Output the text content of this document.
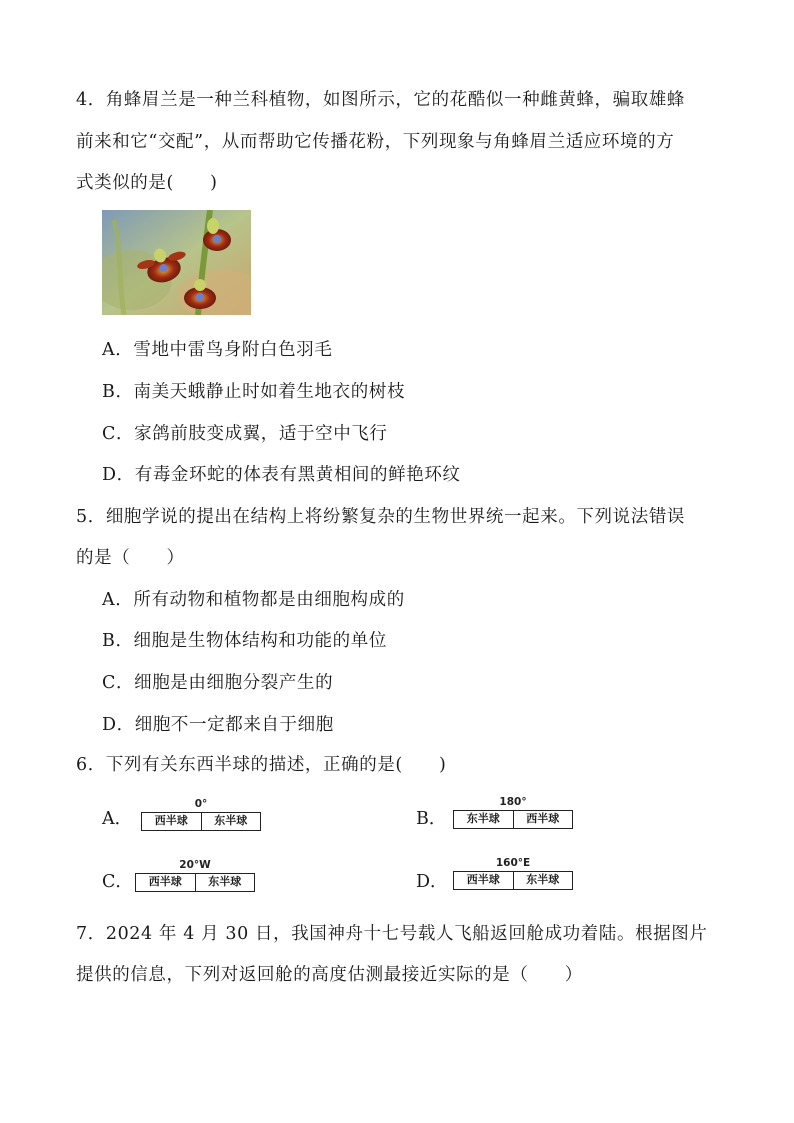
4．角蜂眉兰是一种兰科植物，如图所示，它的花酷似一种雌黄蜂，骗取雄蜂
前来和它“交配”，从而帮助它传播花粉，下列现象与角蜂眉兰适应环境的方
式类似的是(　　)
A．雪地中雷鸟身附白色羽毛
B．南美天蛾静止时如着生地衣的树枝
C．家鸽前肢变成翼，适于空中飞行
D．有毒金环蛇的体表有黑黄相间的鲜艳环纹
5．细胞学说的提出在结构上将纷繁复杂的生物世界统一起来。下列说法错误
的是（　　）
A．所有动物和植物都是由细胞构成的
B．细胞是生物体结构和功能的单位
C．细胞是由细胞分裂产生的
D．细胞不一定都来自于细胞
6．下列有关东西半球的描述，正确的是(　　)
A．
0°
西半球	东半球	B．
180°
东半球	西半球
C．
20°W
西半球	东半球	D．
160°E
西半球	东半球
7．2024 年 4 月 30 日，我国神舟十七号载人飞船返回舱成功着陆。根据图片
提供的信息，下列对返回舱的高度估测最接近实际的是（　　）
